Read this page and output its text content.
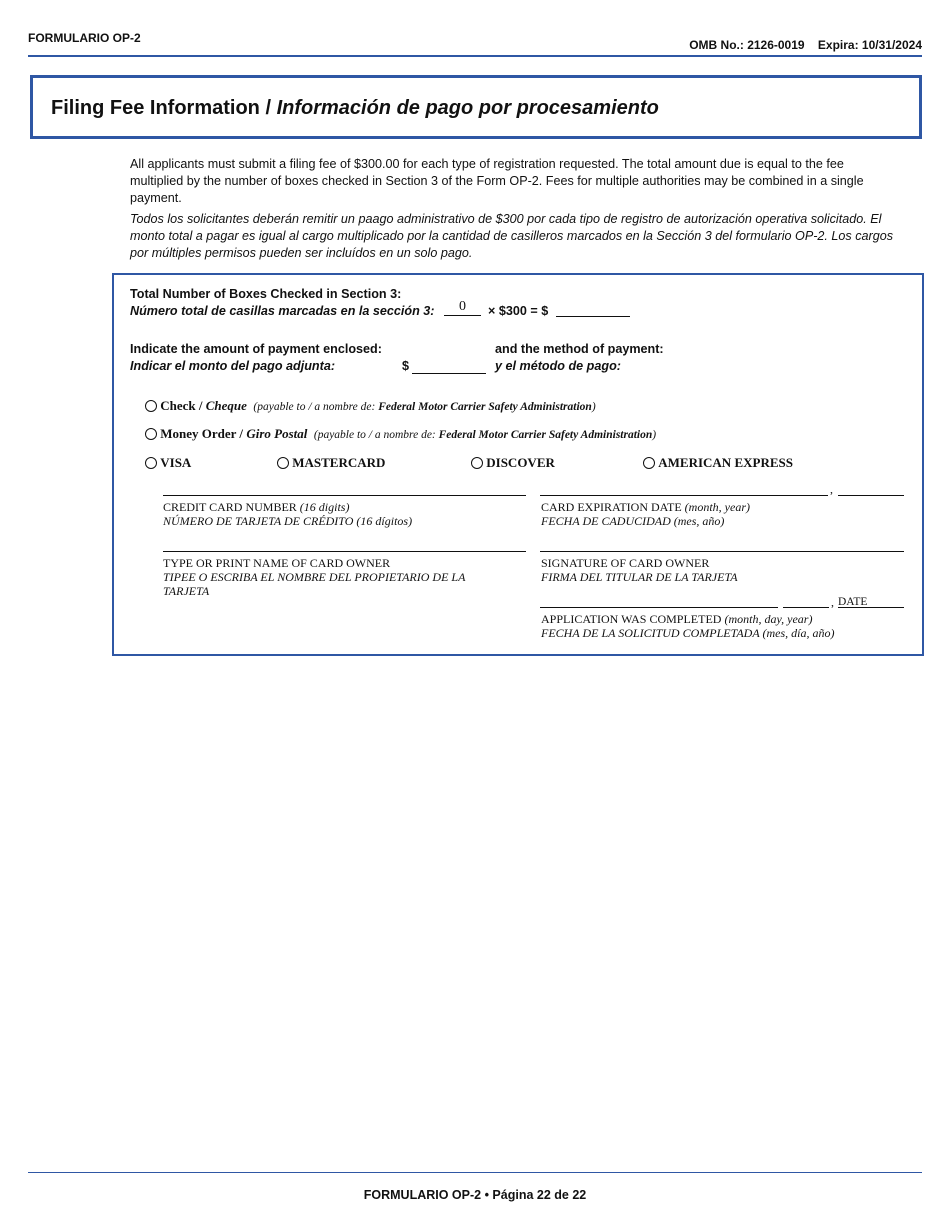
FORMULARIO OP-2	OMB No.: 2126-0019    Expira: 10/31/2024
Filing Fee Information / Información de pago por procesamiento
All applicants must submit a filing fee of $300.00 for each type of registration requested. The total amount due is equal to the fee multiplied by the number of boxes checked in Section 3 of the Form OP-2. Fees for multiple authorities may be combined in a single payment.
Todos los solicitantes deberán remitir un paago administrativo de $300 por cada tipo de registro de autorización operativa solicitado. El monto total a pagar es igual al cargo multiplicado por la cantidad de casilleros marcados en la Sección 3 del formulario OP-2. Los cargos por múltiples permisos pueden ser incluídos en un solo pago.
Total Number of Boxes Checked in Section 3:
Número total de casillas marcadas en la sección 3:	0	× $300 = $
Indicate the amount of payment enclosed:
Indicar el monto del pago adjunta:	$
and the method of payment:
y el método de pago:
Check / Cheque (payable to / a nombre de: Federal Motor Carrier Safety Administration)
Money Order / Giro Postal (payable to / a nombre de: Federal Motor Carrier Safety Administration)
VISA	MASTERCARD	DISCOVER	AMERICAN EXPRESS
CREDIT CARD NUMBER (16 digits)
NÚMERO DE TARJETA DE CRÉDITO (16 dígitos)
,
CARD EXPIRATION DATE (month, year)
FECHA DE CADUCIDAD (mes, año)
TYPE OR PRINT NAME OF CARD OWNER
TIPEE O ESCRIBA EL NOMBRE DEL PROPIETARIO DE LA TARJETA
SIGNATURE OF CARD OWNER
FIRMA DEL TITULAR DE LA TARJETA
, DATE
APPLICATION WAS COMPLETED (month, day, year)
FECHA DE LA SOLICITUD COMPLETADA (mes, día, año)
FORMULARIO OP-2 • Página 22 de 22
